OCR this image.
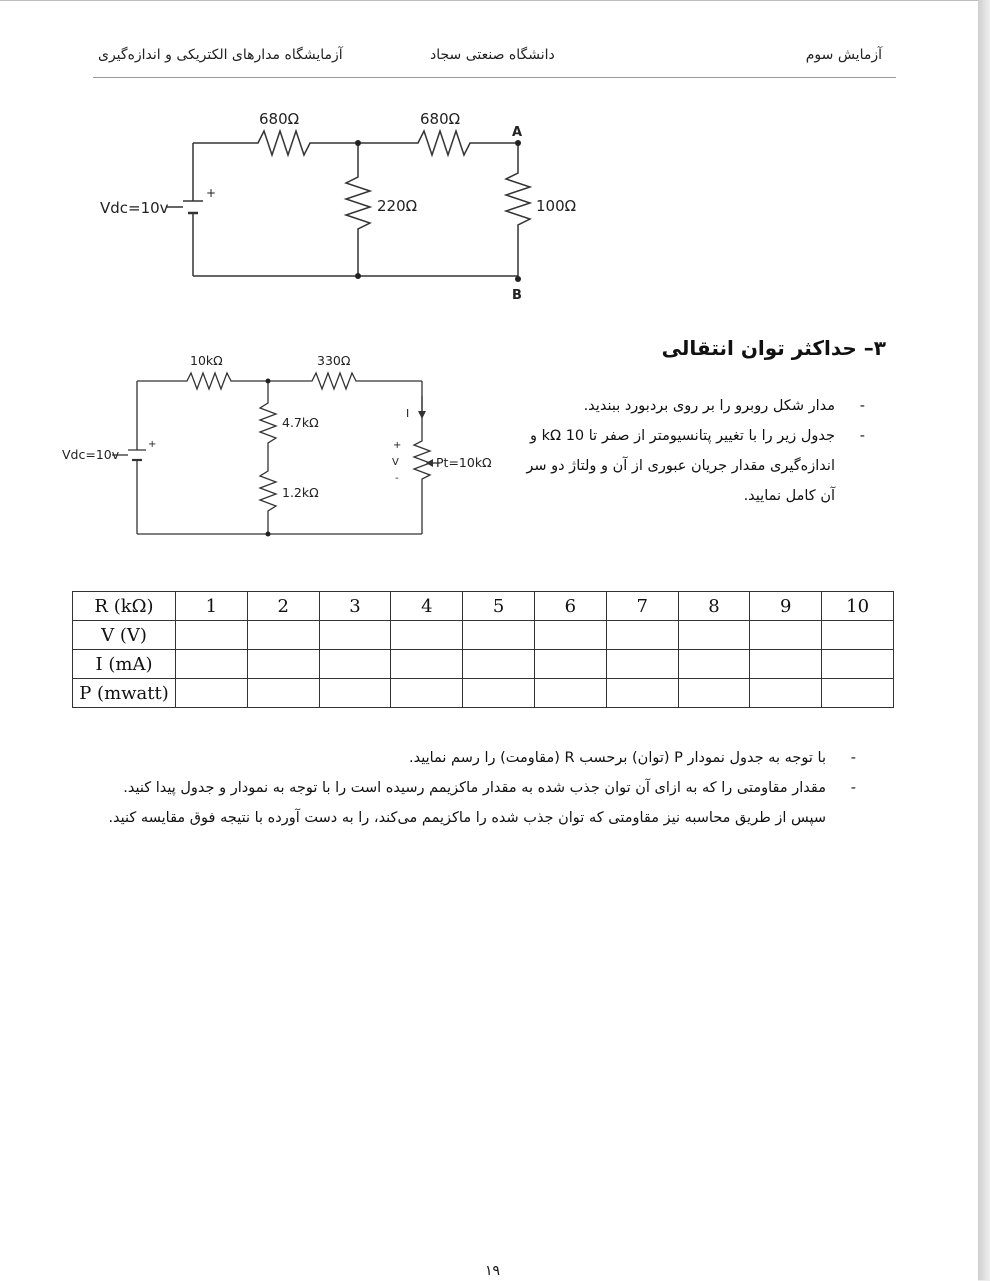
آزمایش سوم
دانشگاه صنعتی سجاد
آزمایشگاه مدارهای الکتریکی و اندازه‌گیری
Vdc=10v
+
680Ω	680Ω
220Ω	100Ω
A
B
Vdc=10v
+
10kΩ	330Ω
4.7kΩ
1.2kΩ
Pt=10kΩ
I
+
V
-
۳– حداکثر توان انتقالی
-
مدار شکل روبرو را بر روی بردبورد ببندید.
-
جدول زیر را با تغییر پتانسیومتر از صفر تا 10 kΩ و اندازه‌گیری مقدار جریان عبوری از آن و ولتاژ دو سر آن کامل نمایید.
R (kΩ)	1	2	3	4	5	6	7	8	9	10
V (V)										
I (mA)										
P (mwatt)										
-
با توجه به جدول نمودار P (توان) برحسب R (مقاومت) را رسم نمایید.
-
مقدار مقاومتی را که به ازای آن توان جذب شده به مقدار ماکزیمم رسیده است را با توجه به نمودار و جدول پیدا کنید. سپس از طریق محاسبه نیز مقاومتی که توان جذب شده را ماکزیمم می‌کند، را به دست آورده با نتیجه فوق مقایسه کنید.
۱۹
